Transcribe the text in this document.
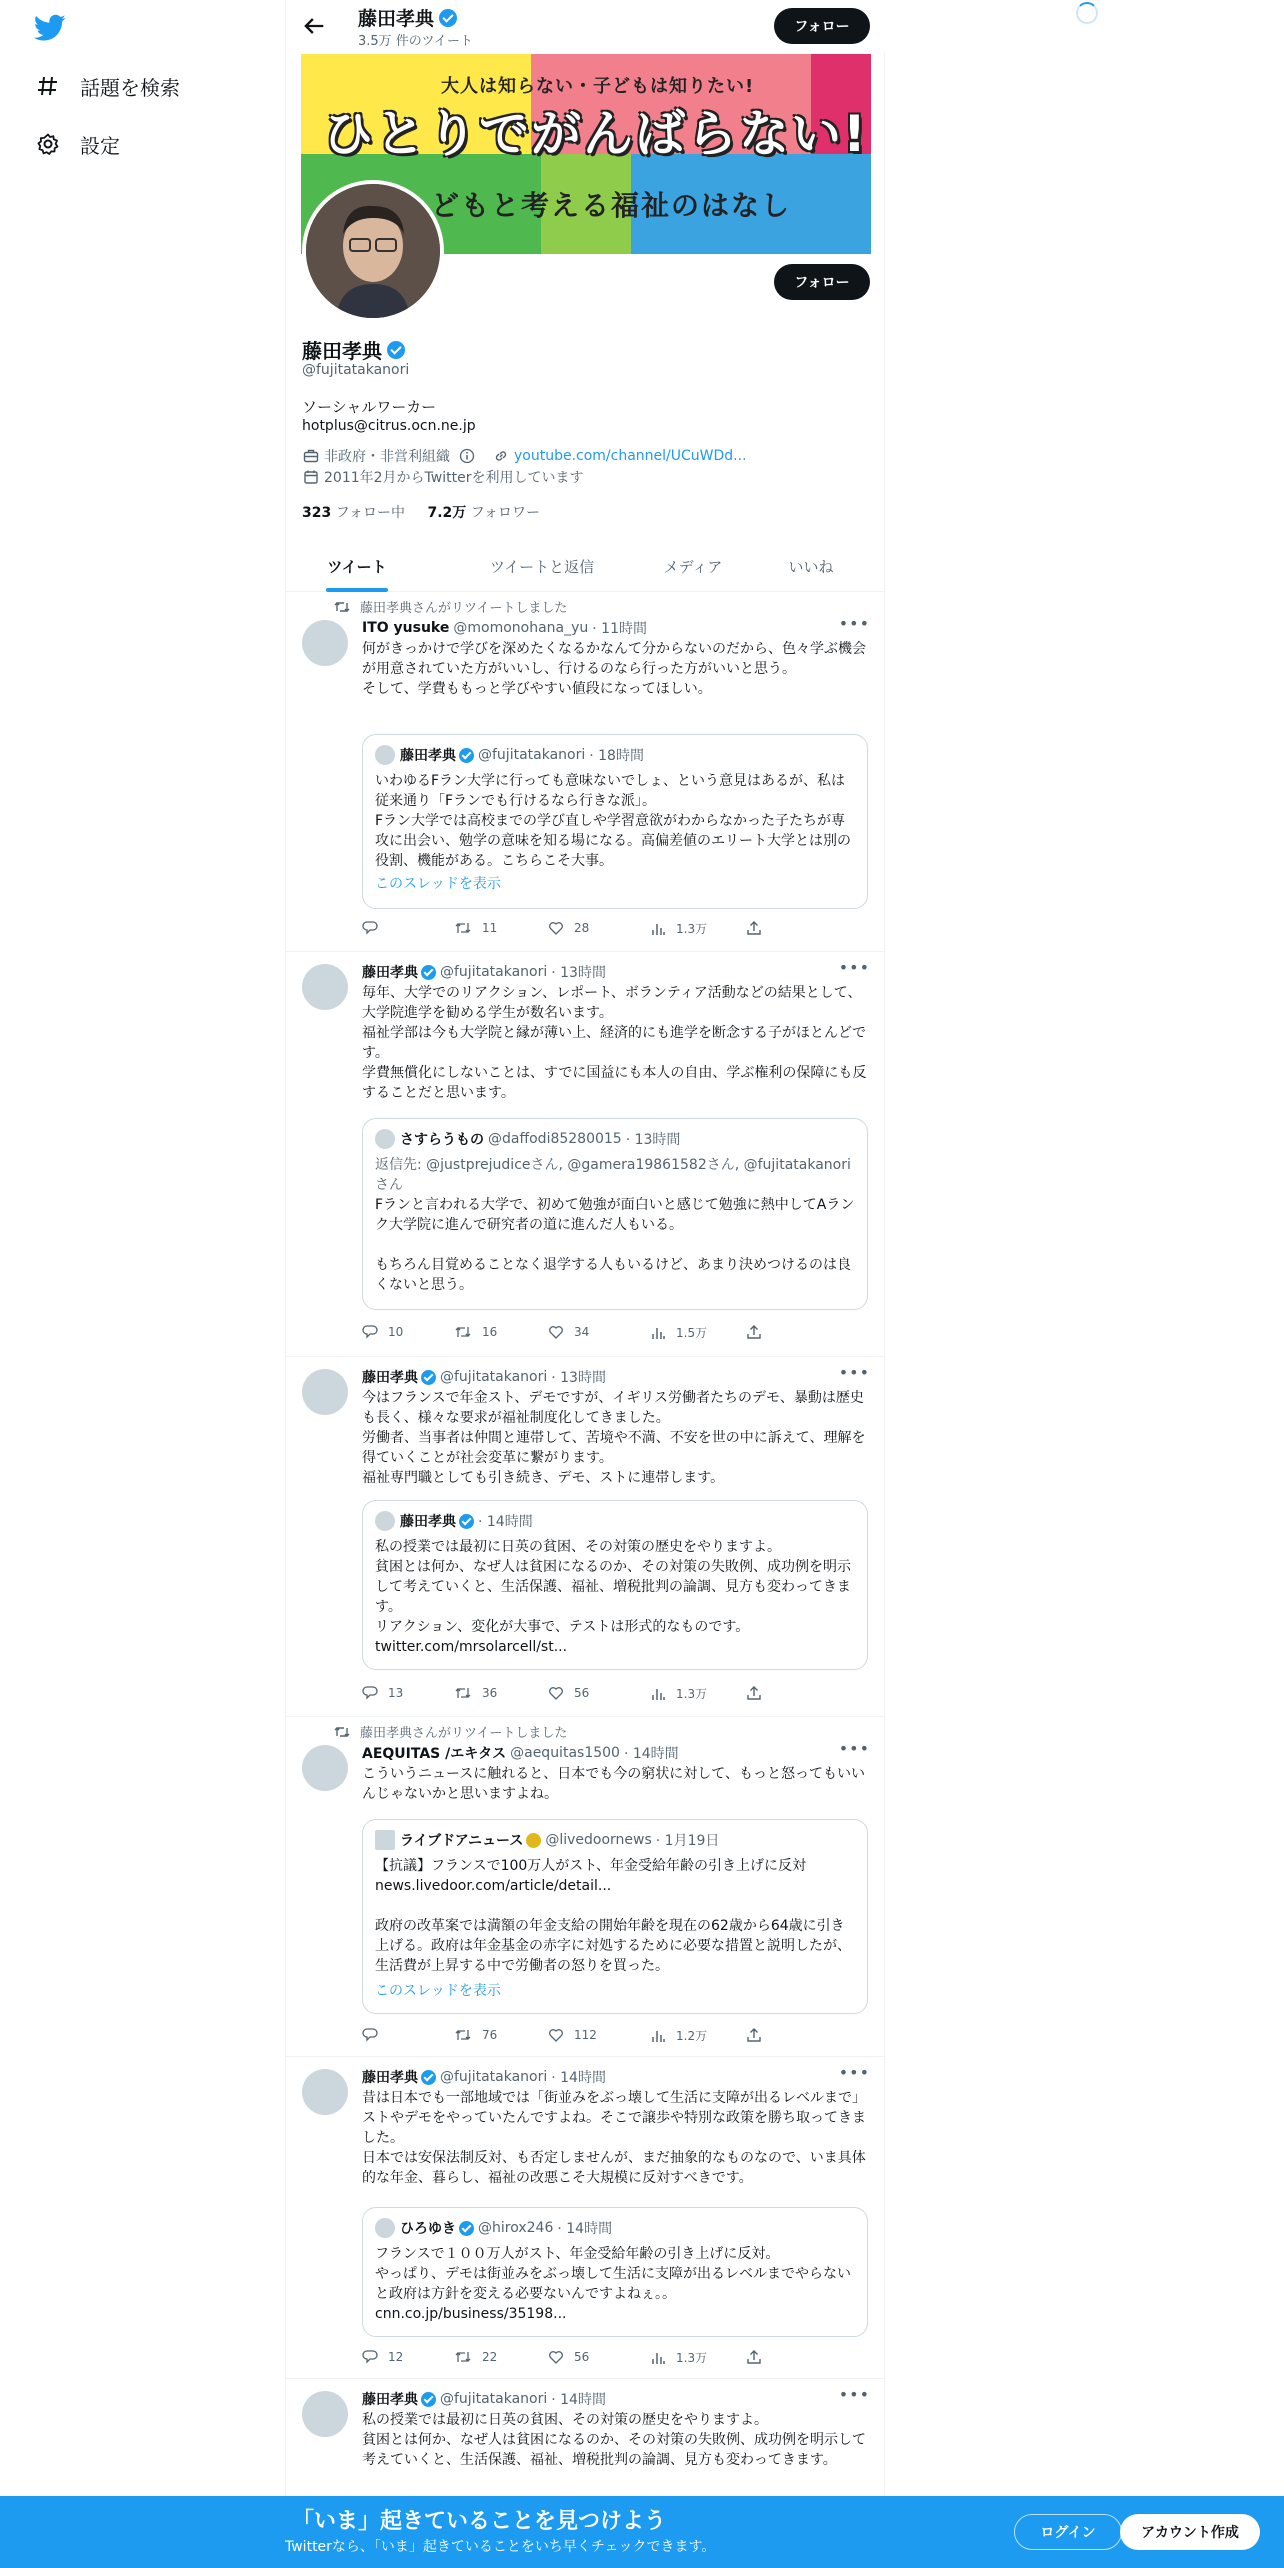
話題を検索
設定
藤田孝典
3.5万 件のツイート
フォロー
大人は知らない・子どもは知りたい!
ひとりでがんばらない!
どもと考える福祉のはなし
フォロー
藤田孝典
@fujitatakanori
ソーシャルワーカー
hotplus@citrus.ocn.ne.jp
非政府・非営利組織	youtube.com/channel/UCuWDd...
2011年2月からTwitterを利用しています
323 フォロー中 7.2万 フォロワー
ツイート	ツイートと返信	メディア	いいね
藤田孝典さんがリツイートしました
ITO yusuke @momonohana_yu · 11時間	•••
何がきっかけで学びを深めたくなるかなんて分からないのだから、色々学ぶ機会が用意されていた方がいいし、行けるのなら行った方がいいと思う。
そして、学費ももっと学びやすい値段になってほしい。
藤田孝典 @fujitatakanori · 18時間
いわゆるFラン大学に行っても意味ないでしょ、という意見はあるが、私は従来通り「Fランでも行けるなら行きな派」。
Fラン大学では高校までの学び直しや学習意欲がわからなかった子たちが専攻に出会い、勉学の意味を知る場になる。高偏差値のエリート大学とは別の役割、機能がある。こちらこそ大事。
このスレッドを表示
11	28	1.3万
藤田孝典 @fujitatakanori · 13時間	•••
毎年、大学でのリアクション、レポート、ボランティア活動などの結果として、大学院進学を勧める学生が数名います。
福祉学部は今も大学院と縁が薄い上、経済的にも進学を断念する子がほとんどです。
学費無償化にしないことは、すでに国益にも本人の自由、学ぶ権利の保障にも反することだと思います。
さすらうもの @daffodi85280015 · 13時間
返信先: @justprejudiceさん, @gamera19861582さん, @fujitatakanoriさん
Fランと言われる大学で、初めて勉強が面白いと感じて勉強に熱中してAランク大学院に進んで研究者の道に進んだ人もいる。

もちろん目覚めることなく退学する人もいるけど、あまり決めつけるのは良くないと思う。
10	16	34	1.5万
藤田孝典 @fujitatakanori · 13時間	•••
今はフランスで年金スト、デモですが、イギリス労働者たちのデモ、暴動は歴史も長く、様々な要求が福祉制度化してきました。
労働者、当事者は仲間と連帯して、苦境や不満、不安を世の中に訴えて、理解を得ていくことが社会変革に繋がります。
福祉専門職としても引き続き、デモ、ストに連帯します。
藤田孝典 · 14時間
私の授業では最初に日英の貧困、その対策の歴史をやりますよ。
貧困とは何か、なぜ人は貧困になるのか、その対策の失敗例、成功例を明示して考えていくと、生活保護、福祉、増税批判の論調、見方も変わってきます。
リアクション、変化が大事で、テストは形式的なものです。
twitter.com/mrsolarcell/st...
13	36	56	1.3万
藤田孝典さんがリツイートしました
AEQUITAS /エキタス @aequitas1500 · 14時間	•••
こういうニュースに触れると、日本でも今の窮状に対して、もっと怒ってもいいんじゃないかと思いますよね。
ライブドアニュース @livedoornews · 1月19日
【抗議】フランスで100万人がスト、年金受給年齢の引き上げに反対
news.livedoor.com/article/detail...

政府の改革案では満額の年金支給の開始年齢を現在の62歳から64歳に引き上げる。政府は年金基金の赤字に対処するために必要な措置と説明したが、生活費が上昇する中で労働者の怒りを買った。
このスレッドを表示
76	112	1.2万
藤田孝典 @fujitatakanori · 14時間	•••
昔は日本でも一部地域では「街並みをぶっ壊して生活に支障が出るレベルまで」ストやデモをやっていたんですよね。そこで譲歩や特別な政策を勝ち取ってきました。
日本では安保法制反対、も否定しませんが、まだ抽象的なものなので、いま具体的な年金、暮らし、福祉の改悪こそ大規模に反対すべきです。
ひろゆき @hirox246 · 14時間
フランスで１００万人がスト、年金受給年齢の引き上げに反対。
やっぱり、デモは街並みをぶっ壊して生活に支障が出るレベルまでやらないと政府は方針を変える必要ないんですよねぇ。。
cnn.co.jp/business/35198...
12	22	56	1.3万
藤田孝典 @fujitatakanori · 14時間	•••
私の授業では最初に日英の貧困、その対策の歴史をやりますよ。
貧困とは何か、なぜ人は貧困になるのか、その対策の失敗例、成功例を明示して考えていくと、生活保護、福祉、増税批判の論調、見方も変わってきます。
「いま」起きていることを見つけよう
Twitterなら、「いま」起きていることをいち早くチェックできます。
ログイン	アカウント作成
